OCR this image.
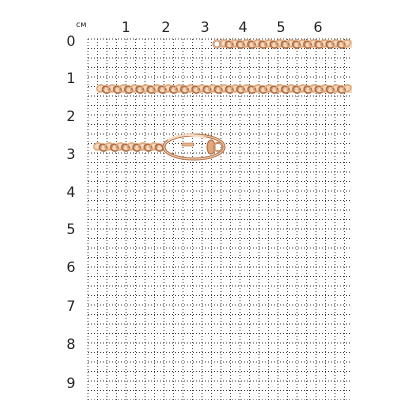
см	1 2 3 4 5 6
0
1
2
3
4
5
6
7
8
9
